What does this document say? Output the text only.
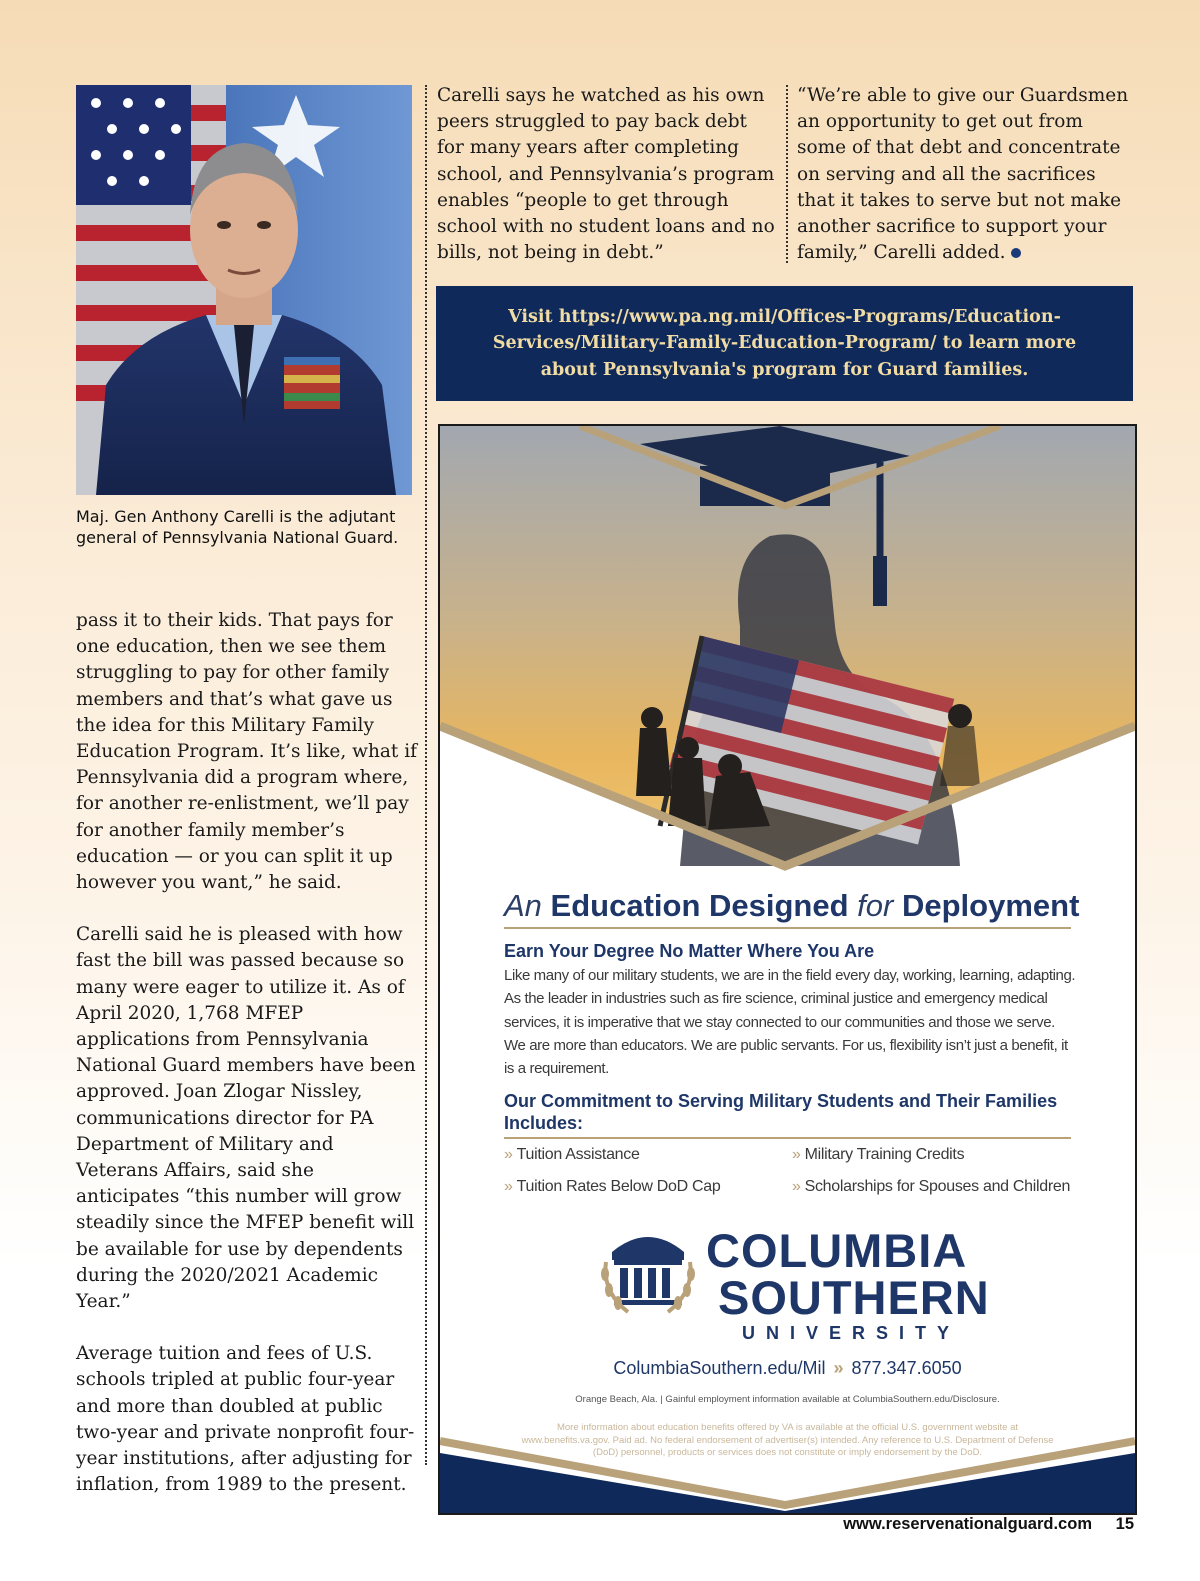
Maj. Gen Anthony Carelli is the adjutant general of Pennsylvania National Guard.

pass it to their kids. That pays for one education, then we see them struggling to pay for other family members and that’s what gave us the idea for this Military Family Education Program. It’s like, what if Pennsylvania did a program where, for another re-enlistment, we’ll pay for another family member’s education — or you can split it up however you want,” he said.

Carelli said he is pleased with how fast the bill was passed because so many were eager to utilize it. As of April 2020, 1,768 MFEP applications from Pennsylvania National Guard members have been approved. Joan Zlogar Nissley, communications director for PA Department of Military and Veterans Affairs, said she anticipates “this number will grow steadily since the MFEP benefit will be available for use by dependents during the 2020/2021 Academic Year.”

Average tuition and fees of U.S. schools tripled at public four-year and more than doubled at public two-year and private nonprofit four-year institutions, after adjusting for inflation, from 1989 to the present.

Carelli says he watched as his own peers struggled to pay back debt for many years after completing school, and Pennsylvania’s program enables “people to get through school with no student loans and no bills, not being in debt.”

“We’re able to give our Guardsmen an opportunity to get out from some of that debt and concentrate on serving and all the sacrifices that it takes to serve but not make another sacrifice to support your family,” Carelli added.

Visit https://www.pa.ng.mil/Offices-Programs/Education-Services/Military-Family-Education-Program/ to learn more about Pennsylvania's program for Guard families.
An Education Designed for Deployment
Earn Your Degree No Matter Where You Are
Like many of our military students, we are in the field every day, working, learning, adapting. As the leader in industries such as fire science, criminal justice and emergency medical services, it is imperative that we stay connected to our communities and those we serve. We are more than educators. We are public servants. For us, flexibility isn’t just a benefit, it is a requirement.
Our Commitment to Serving Military Students and Their Families Includes:
» Tuition Assistance	» Military Training Credits
» Tuition Rates Below DoD Cap	» Scholarships for Spouses and Children
COLUMBIA
SOUTHERN
UNIVERSITY
ColumbiaSouthern.edu/Mil » 877.347.6050
Orange Beach, Ala. | Gainful employment information available at ColumbiaSouthern.edu/Disclosure.
More information about education benefits offered by VA is available at the official U.S. government website at www.benefits.va.gov. Paid ad. No federal endorsement of advertiser(s) intended. Any reference to U.S. Department of Defense (DoD) personnel, products or services does not constitute or imply endorsement by the DoD.
www.reservenationalguard.com 15
